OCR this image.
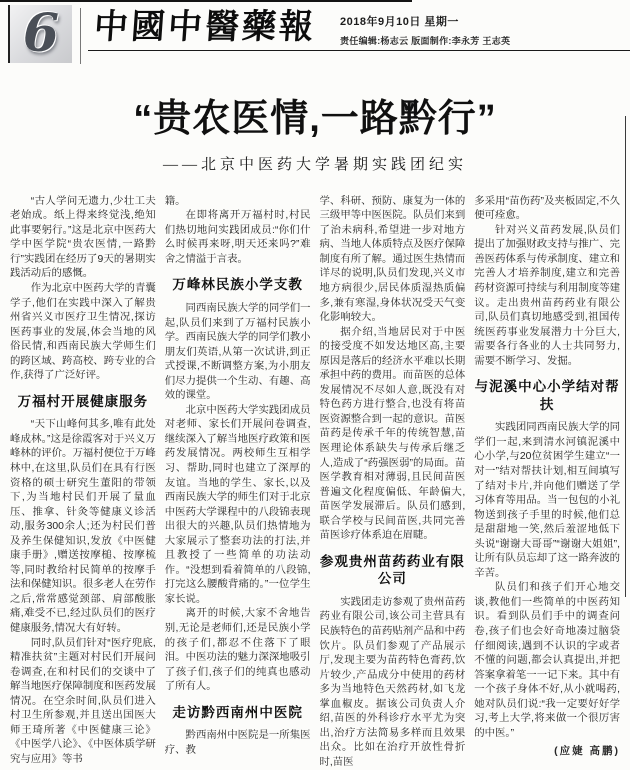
6 中國中醫藥報 2018年9月10日 星期一
责任编辑:杨志云 版面制作:李永芳 王志英
“贵农医情,一路黔行”
——北京中医药大学暑期实践团纪实

“古人学问无遗力,少壮工夫老始成。纸上得来终觉浅,绝知此事要躬行。”这是北京中医药大学中医学院“贵农医情,一路黔行”实践团在经历了9天的暑期实践活动后的感慨。

作为北京中医药大学的青囊学子,他们在实践中深入了解贵州省兴义市医疗卫生情况,探访医药事业的发展,体会当地的风俗民情,和西南民族大学师生们的跨区域、跨高校、跨专业的合作,获得了广泛好评。

万福村开展健康服务

“天下山峰何其多,唯有此处峰成林。”这是徐霞客对于兴义万峰林的评价。万福村便位于万峰林中,在这里,队员们在具有行医资格的硕士研究生董阳的带领下,为当地村民们开展了量血压、推拿、针灸等健康义诊活动,服务300余人;还为村民们普及养生保健知识,发放《中医健康手册》,赠送按摩槌、按摩梳等,同时教给村民简单的按摩手法和保健知识。很多老人在劳作之后,常常感觉颈部、肩部酸胀痛,难受不已,经过队员们的医疗健康服务,情况大有好转。

同时,队员们针对“医疗兜底,精准扶贫”主题对村民们开展问卷调查,在和村民们的交谈中了解当地医疗保障制度和医药发展情况。在空余时间,队员们进入村卫生所参观,并且送出国医大师王琦所著《中医健康三论》《中医学八论》、《中医体质学研究与应用》等书

籍。

在即将离开万福村时,村民们热切地问实践团成员:“你们什么时候再来呀,明天还来吗?”难舍之情溢于言表。

万峰林民族小学支教

同西南民族大学的同学们一起,队员们来到了万福村民族小学。西南民族大学的同学们教小朋友们英语,从第一次试讲,到正式授课,不断调整方案,为小朋友们尽力提供一个生动、有趣、高效的课堂。

北京中医药大学实践团成员对老师、家长们开展问卷调查,继续深入了解当地医疗政策和医药发展情况。两校师生互相学习、帮助,同时也建立了深厚的友谊。当地的学生、家长,以及西南民族大学的师生们对于北京中医药大学课程中的八段锦表现出很大的兴趣,队员们热情地为大家展示了整套功法的打法,并且教授了一些简单的功法动作。“没想到看着简单的八段锦,打完这么腰酸背痛的。”一位学生家长说。

离开的时候,大家不舍地告别,无论是老师们,还是民族小学的孩子们,都忍不住落下了眼泪。中医功法的魅力深深地吸引了孩子们,孩子们的纯真也感动了所有人。

走访黔西南州中医院

黔西南州中医院是一所集医疗、教

学、科研、预防、康复为一体的三级甲等中医医院。队员们来到了治未病科,希望进一步对地方病、当地人体质特点及医疗保障制度有所了解。通过医生热情而详尽的说明,队员们发现,兴义市地方病很少,居民体质湿热质偏多,兼有寒湿,身体状况受天气变化影响较大。

据介绍,当地居民对于中医的接受度不如发达地区高,主要原因是落后的经济水平难以长期承担中药的费用。而苗医的总体发展情况不尽如人意,既没有对特色药方进行整合,也没有将苗医资源整合到一起的意识。苗医苗药是传承千年的传统智慧,苗医理论体系缺失与传承后继乏人,造成了“药强医弱”的局面。苗医学教育相对薄弱,且民间苗医普遍文化程度偏低、年龄偏大,苗医学发展滞后。队员们感到,联合学校与民间苗医,共同完善苗医诊疗体系迫在眉睫。

参观贵州苗药药业有限公司

实践团走访参观了贵州苗药药业有限公司,该公司主营具有民族特色的苗药贴剂产品和中药饮片。队员们参观了产品展示厅,发现主要为苗药特色膏药,饮片较少,产品成分中使用的药材多为当地特色天然药材,如飞龙掌血椒皮。据该公司负责人介绍,苗医的外科诊疗水平尤为突出,治疗方法简易多样而且效果出众。比如在治疗开放性骨折时,苗医

多采用“苗伤药”及夹板固定,不久便可痊愈。

针对兴义苗药发展,队员们提出了加强财政支持与推广、完善医药体系与传承制度、建立和完善人才培养制度,建立和完善药材资源可持续与利用制度等建议。走出贵州苗药药业有限公司,队员们真切地感受到,祖国传统医药事业发展潜力十分巨大,需要各行各业的人士共同努力,需要不断学习、发掘。

与泥溪中心小学结对帮扶

实践团同西南民族大学的同学们一起,来到清水河镇泥溪中心小学,与20位贫困学生建立“一对一”结对帮扶计划,相互间填写了结对卡片,并向他们赠送了学习体育等用品。当一包包的小礼物送到孩子手里的时候,他们总是甜甜地一笑,然后羞涩地低下头说“谢谢大哥哥”“谢谢大姐姐”,让所有队员忘却了这一路奔波的辛苦。

队员们和孩子们开心地交谈,教他们一些简单的中医药知识。看到队员们手中的调查问卷,孩子们也会好奇地凑过脑袋仔细阅读,遇到不认识的字或者不懂的问题,都会认真提出,并把答案拿着笔一一记下来。其中有一个孩子身体不好,从小就喝药,她对队员们说:“我一定要好好学习,考上大学,将来做一个很厉害的中医。”

(应婕 高鹏)
